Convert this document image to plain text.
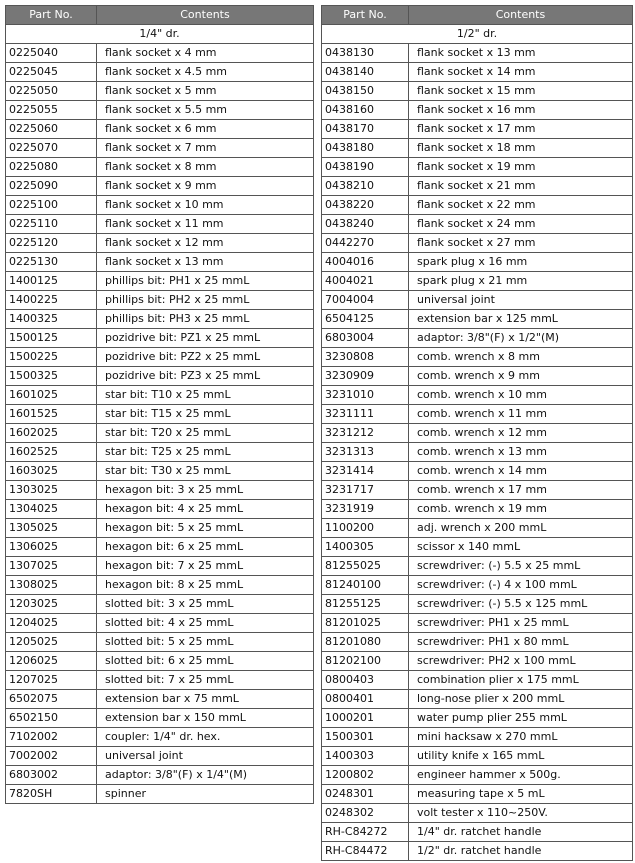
Part No.	Contents
1/4" dr.	
0225040	flank socket x 4 mm
0225045	flank socket x 4.5 mm
0225050	flank socket x 5 mm
0225055	flank socket x 5.5 mm
0225060	flank socket x 6 mm
0225070	flank socket x 7 mm
0225080	flank socket x 8 mm
0225090	flank socket x 9 mm
0225100	flank socket x 10 mm
0225110	flank socket x 11 mm
0225120	flank socket x 12 mm
0225130	flank socket x 13 mm
1400125	phillips bit: PH1 x 25 mmL
1400225	phillips bit: PH2 x 25 mmL
1400325	phillips bit: PH3 x 25 mmL
1500125	pozidrive bit: PZ1 x 25 mmL
1500225	pozidrive bit: PZ2 x 25 mmL
1500325	pozidrive bit: PZ3 x 25 mmL
1601025	star bit: T10 x 25 mmL
1601525	star bit: T15 x 25 mmL
1602025	star bit: T20 x 25 mmL
1602525	star bit: T25 x 25 mmL
1603025	star bit: T30 x 25 mmL
1303025	hexagon bit: 3 x 25 mmL
1304025	hexagon bit: 4 x 25 mmL
1305025	hexagon bit: 5 x 25 mmL
1306025	hexagon bit: 6 x 25 mmL
1307025	hexagon bit: 7 x 25 mmL
1308025	hexagon bit: 8 x 25 mmL
1203025	slotted bit: 3 x 25 mmL
1204025	slotted bit: 4 x 25 mmL
1205025	slotted bit: 5 x 25 mmL
1206025	slotted bit: 6 x 25 mmL
1207025	slotted bit: 7 x 25 mmL
6502075	extension bar x 75 mmL
6502150	extension bar x 150 mmL
7102002	coupler: 1/4" dr. hex.
7002002	universal joint
6803002	adaptor: 3/8"(F) x 1/4"(M)
7820SH	spinner
Part No.	Contents
1/2" dr.	
0438130	flank socket x 13 mm
0438140	flank socket x 14 mm
0438150	flank socket x 15 mm
0438160	flank socket x 16 mm
0438170	flank socket x 17 mm
0438180	flank socket x 18 mm
0438190	flank socket x 19 mm
0438210	flank socket x 21 mm
0438220	flank socket x 22 mm
0438240	flank socket x 24 mm
0442270	flank socket x 27 mm
4004016	spark plug x 16 mm
4004021	spark plug x 21 mm
7004004	universal joint
6504125	extension bar x 125 mmL
6803004	adaptor: 3/8"(F) x 1/2"(M)
3230808	comb. wrench x 8 mm
3230909	comb. wrench x 9 mm
3231010	comb. wrench x 10 mm
3231111	comb. wrench x 11 mm
3231212	comb. wrench x 12 mm
3231313	comb. wrench x 13 mm
3231414	comb. wrench x 14 mm
3231717	comb. wrench x 17 mm
3231919	comb. wrench x 19 mm
1100200	adj. wrench x 200 mmL
1400305	scissor x 140 mmL
81255025	screwdriver: (-) 5.5 x 25 mmL
81240100	screwdriver: (-) 4 x 100 mmL
81255125	screwdriver: (-) 5.5 x 125 mmL
81201025	screwdriver: PH1 x 25 mmL
81201080	screwdriver: PH1 x 80 mmL
81202100	screwdriver: PH2 x 100 mmL
0800403	combination plier x 175 mmL
0800401	long-nose plier x 200 mmL
1000201	water pump plier 255 mmL
1500301	mini hacksaw x 270 mmL
1400303	utility knife x 165 mmL
1200802	engineer hammer x 500g.
0248301	measuring tape x 5 mL
0248302	volt tester x 110~250V.
RH-C84272	1/4" dr. ratchet handle
RH-C84472	1/2" dr. ratchet handle
